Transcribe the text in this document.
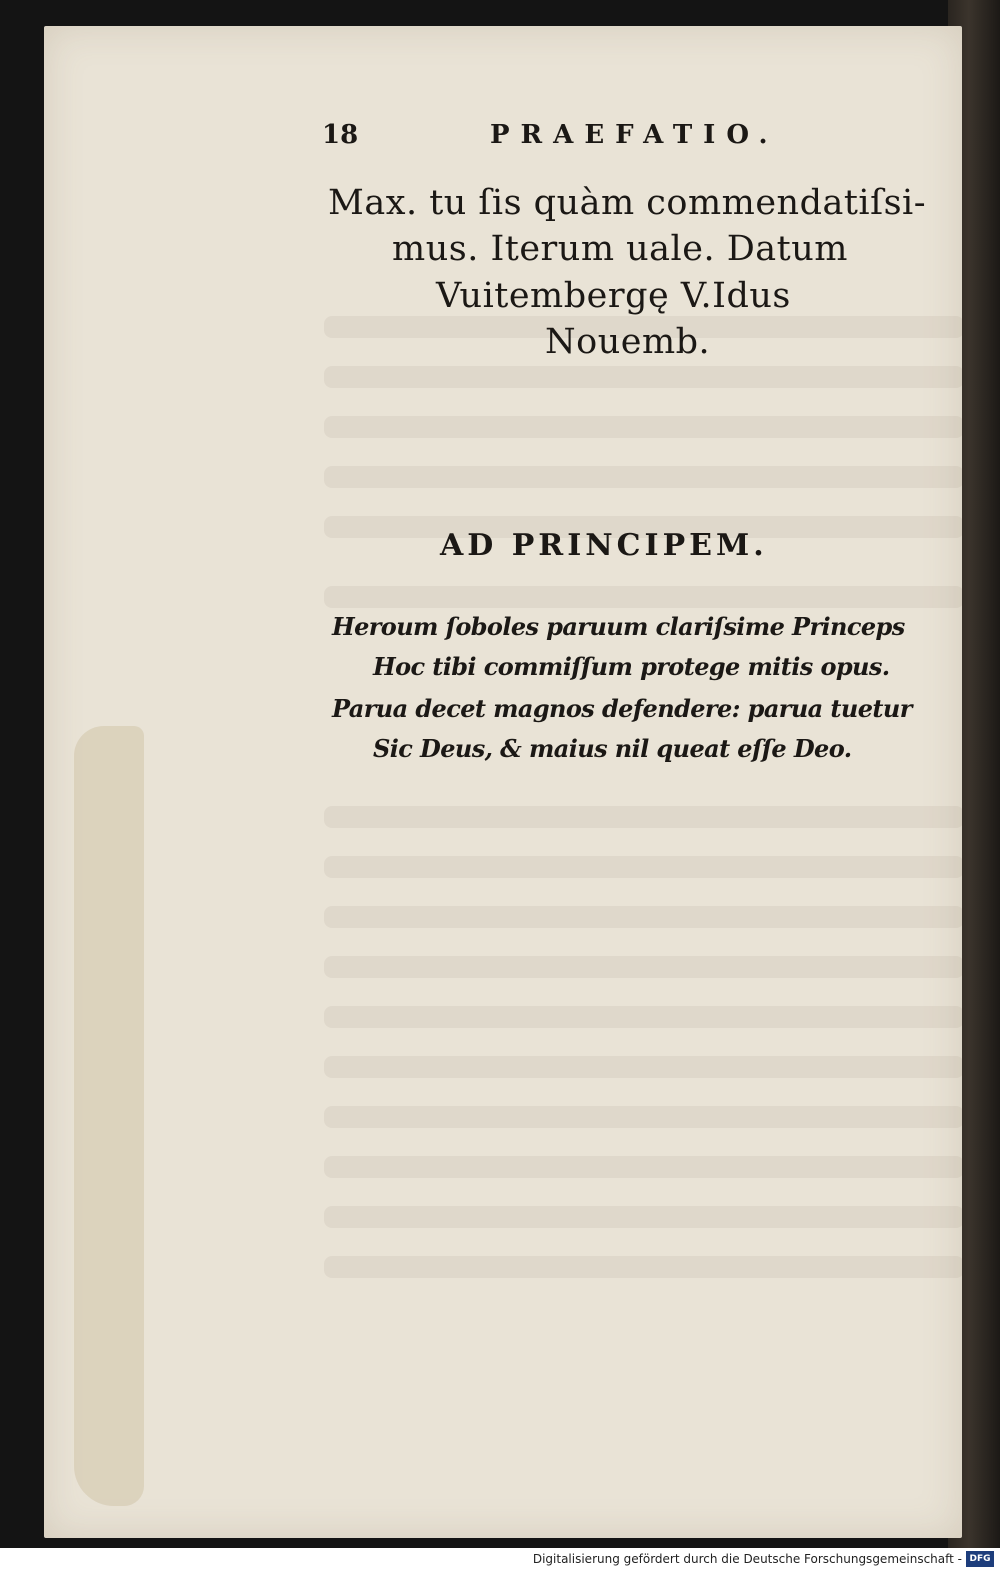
18	PRAEFATIO.
Max. tu ſis quàm commendatiſsi-
mus. Iterum uale. Datum
Vuitembergę V.Idus
Nouemb.
AD PRINCIPEM.
Heroum ſoboles paruum clariſsime Princeps
Hoc tibi commiſſum protege mitis opus.
Parua decet magnos defendere: parua tuetur
Sic Deus, & maius nil queat eſſe Deo.
Digitalisierung gefördert durch die Deutsche Forschungsgemeinschaft - DFG
